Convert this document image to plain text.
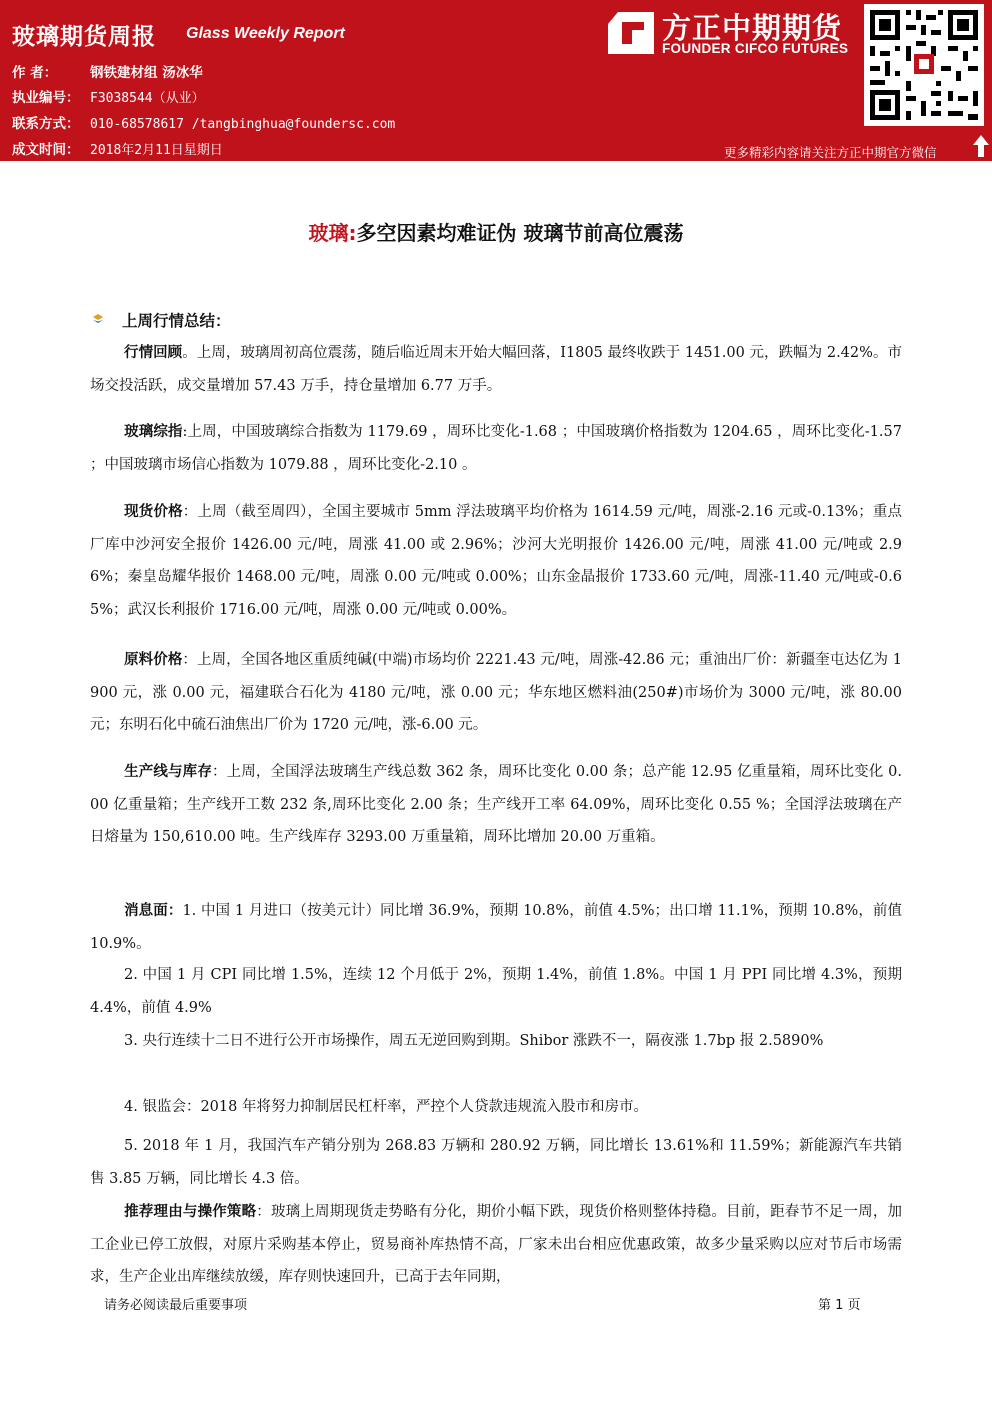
玻璃期货周报 Glass Weekly Report
作 者： 钢铁建材组 汤冰华
执业编号： F3038544（从业）
联系方式： 010-68578617 /tangbinghua@foundersc.com
成文时间： 2018年2月11日星期日
方正中期期货
FOUNDER CIFCO FUTURES
更多精彩内容请关注方正中期官方微信
玻璃:多空因素均难证伪 玻璃节前高位震荡
上周行情总结：
行情回顾。上周，玻璃周初高位震荡，随后临近周末开始大幅回落，I1805 最终收跌于 1451.00 元，跌幅为 2.42%。市场交投活跃，成交量增加 57.43 万手，持仓量增加 6.77 万手。
玻璃综指:上周，中国玻璃综合指数为 1179.69 ，周环比变化-1.68 ；中国玻璃价格指数为 1204.65 ，周环比变化-1.57 ；中国玻璃市场信心指数为 1079.88 ，周环比变化-2.10 。
现货价格：上周（截至周四），全国主要城市 5mm 浮法玻璃平均价格为 1614.59 元/吨，周涨-2.16 元或-0.13%；重点厂库中沙河安全报价 1426.00 元/吨，周涨 41.00 或 2.96%；沙河大光明报价 1426.00 元/吨，周涨 41.00 元/吨或 2.96%；秦皇岛耀华报价 1468.00 元/吨，周涨 0.00 元/吨或 0.00%；山东金晶报价 1733.60 元/吨，周涨-11.40 元/吨或-0.65%；武汉长利报价 1716.00 元/吨，周涨 0.00 元/吨或 0.00%。
原料价格：上周，全国各地区重质纯碱(中端)市场均价 2221.43 元/吨，周涨-42.86 元；重油出厂价：新疆奎屯达亿为 1900 元，涨 0.00 元，福建联合石化为 4180 元/吨，涨 0.00 元；华东地区燃料油(250#)市场价为 3000 元/吨，涨 80.00 元；东明石化中硫石油焦出厂价为 1720 元/吨，涨-6.00 元。
生产线与库存：上周，全国浮法玻璃生产线总数 362 条，周环比变化 0.00 条；总产能 12.95 亿重量箱，周环比变化 0.00 亿重量箱；生产线开工数 232 条,周环比变化 2.00 条；生产线开工率 64.09%，周环比变化 0.55 %；全国浮法玻璃在产日熔量为 150,610.00 吨。生产线库存 3293.00 万重量箱，周环比增加 20.00 万重箱。
消息面：1. 中国 1 月进口（按美元计）同比增 36.9%，预期 10.8%，前值 4.5%；出口增 11.1%，预期 10.8%，前值 10.9%。
2. 中国 1 月 CPI 同比增 1.5%，连续 12 个月低于 2%，预期 1.4%，前值 1.8%。中国 1 月 PPI 同比增 4.3%，预期 4.4%，前值 4.9%
3. 央行连续十二日不进行公开市场操作，周五无逆回购到期。Shibor 涨跌不一，隔夜涨 1.7bp 报 2.5890%
4. 银监会：2018 年将努力抑制居民杠杆率，严控个人贷款违规流入股市和房市。
5. 2018 年 1 月，我国汽车产销分别为 268.83 万辆和 280.92 万辆，同比增长 13.61%和 11.59%；新能源汽车共销售 3.85 万辆，同比增长 4.3 倍。
推荐理由与操作策略：玻璃上周期现货走势略有分化，期价小幅下跌，现货价格则整体持稳。目前，距春节不足一周，加工企业已停工放假，对原片采购基本停止，贸易商补库热情不高，厂家未出台相应优惠政策，故多少量采购以应对节后市场需求，生产企业出库继续放缓，库存则快速回升，已高于去年同期，
请务必阅读最后重要事项	第 1 页
